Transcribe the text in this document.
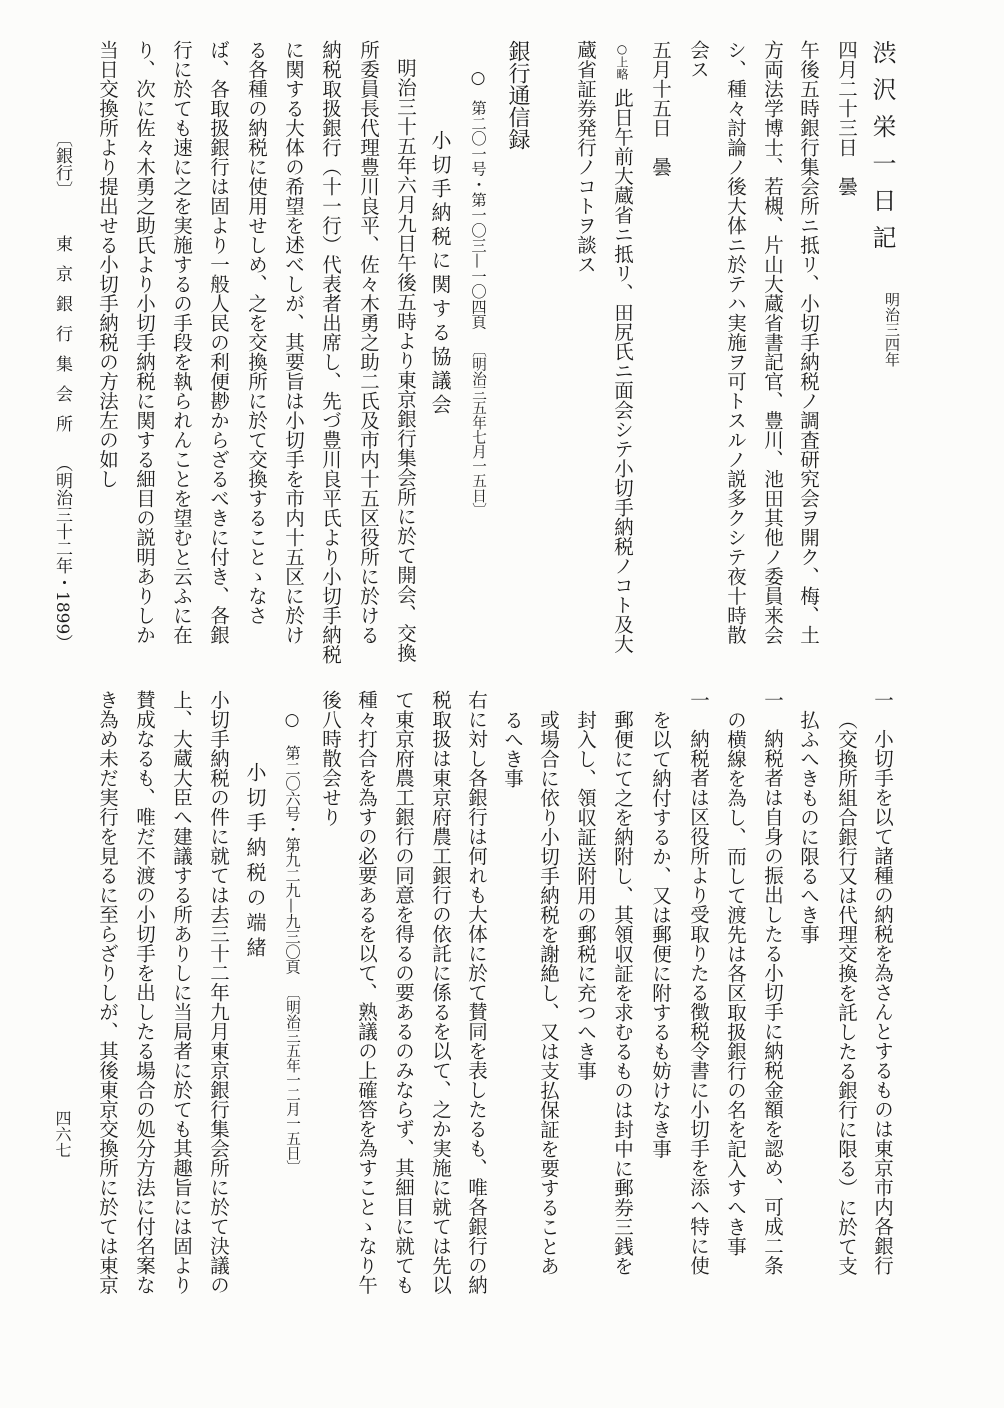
渋沢栄一日記
明治三四年
四月二十三日　曇
午後五時銀行集会所ニ抵リ、小切手納税ノ調査研究会ヲ開ク、梅、土
方両法学博士、若槻、片山大蔵省書記官、豊川、池田其他ノ委員来会
シ、種々討論ノ後大体ニ於テハ実施ヲ可トスルノ説多クシテ夜十時散
会ス
五月十五日　曇
○上略
此日午前大蔵省ニ抵リ、田尻氏ニ面会シテ小切手納税ノコト及大
蔵省証券発行ノコトヲ談ス
銀行通信録
○
第二〇一号・第一〇三—一〇四頁
〔明治三五年七月一五日〕
小切手納税に関する協議会
明治三十五年六月九日午後五時より東京銀行集会所に於て開会、交換
所委員長代理豊川良平、佐々木勇之助二氏及市内十五区役所に於ける
納税取扱銀行（十一行）代表者出席し、先づ豊川良平氏より小切手納税
に関する大体の希望を述べしが、其要旨は小切手を市内十五区に於け
る各種の納税に使用せしめ、之を交換所に於て交換することゝなさ
ば、各取扱銀行は固より一般人民の利便尠からざるべきに付き、各銀
行に於ても速に之を実施するの手段を執られんことを望むと云ふに在
り、次に佐々木勇之助氏より小切手納税に関する細目の説明ありしか
当日交換所より提出せる小切手納税の方法左の如し
〔銀行〕
東京銀行集会所
（明治三十二年・1899）
一　小切手を以て諸種の納税を為さんとするものは東京市内各銀行
（交換所組合銀行又は代理交換を託したる銀行に限る）に於て支
払ふへきものに限るへき事
一　納税者は自身の振出したる小切手に納税金額を認め、可成二条
の横線を為し、而して渡先は各区取扱銀行の名を記入すへき事
一　納税者は区役所より受取りたる徴税令書に小切手を添へ特に使
を以て納付するか、又は郵便に附するも妨けなき事
郵便にて之を納附し、其領収証を求むるものは封中に郵券三銭を
封入し、領収証送附用の郵税に充つへき事
或場合に依り小切手納税を謝絶し、又は支払保証を要することあ
るへき事
右に対し各銀行は何れも大体に於て賛同を表したるも、唯各銀行の納
税取扱は東京府農工銀行の依託に係るを以て、之か実施に就ては先以
て東京府農工銀行の同意を得るの要あるのみならず、其細目に就ても
種々打合を為すの必要あるを以て、熟議の上確答を為すことゝなり午
後八時散会せり
○
第二〇六号・第九二九—九三〇頁
〔明治三五年一二月一五日〕
小切手納税の端緒
小切手納税の件に就ては去三十二年九月東京銀行集会所に於て決議の
上、大蔵大臣へ建議する所ありしに当局者に於ても其趣旨には固より
賛成なるも、唯だ不渡の小切手を出したる場合の処分方法に付名案な
き為め未だ実行を見るに至らざりしが、其後東京交換所に於ては東京
四六七
